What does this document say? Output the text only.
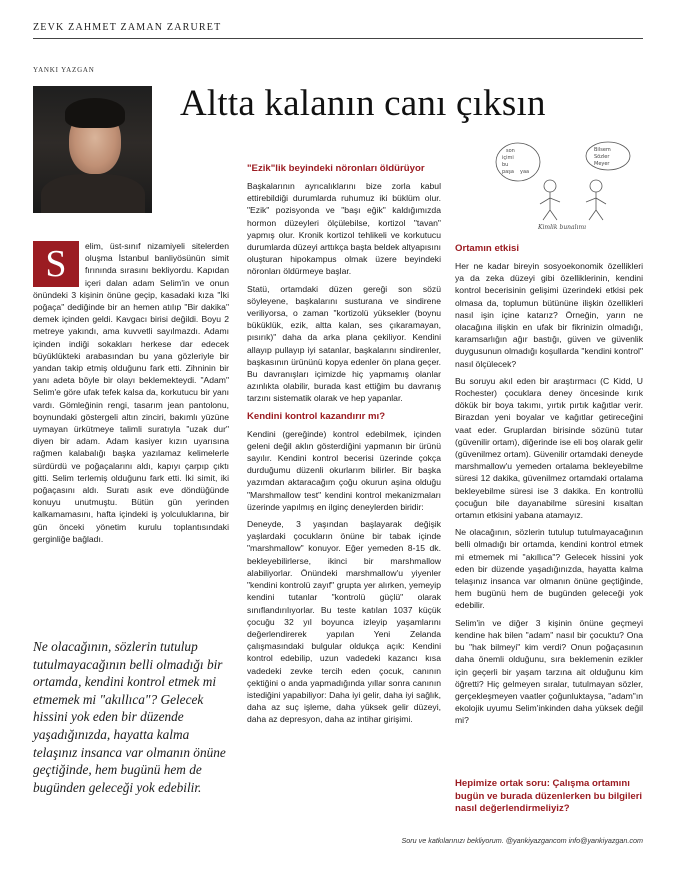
ZEVK ZAHMET ZAMAN ZARURET
YANKI YAZGAN
Altta kalanın canı çıksın
son
içimi
bu
paşa yaa
Bilsem
Sözler
Meyer
Kimlik bunalımı

S	elim, üst-sınıf nizamiyeli sitelerden oluşma İstanbul banliyösünün simit fırınında sırasını bekliyordu. Kapıdan içeri dalan adam Selim'in ve onun önündeki 3 kişinin önüne geçip, kasadaki kıza "İki poğaça" dediğinde bir an hemen atılıp "Bir dakika" demek içinden geldi. Kavgacı birisi değildi. Boyu 2 metreye yakındı, ama kuvvetli sayılmazdı. Adamı içinden indiği sokakları herkese dar edecek büyüklükteki arabasından bu yana gözleriyle bir yandan takip etmiş olduğunu fark etti. Zihninin bir yanı adeta böyle bir olayı beklemekteydi. "Adam" Selim'e göre ufak tefek kalsa da, korkutucu bir yanı vardı. Gömleğinin rengi, tasarım jean pantolonu, boynundaki göstergeli altın zinciri, bakımlı yüzüne uymayan ürkütmeye talimli suratıyla "uzak dur" diyen bir adam. Adam kasiyer kızın uyarısına rağmen kalabalığı başka yazılamaz kelimelerle sürdürdü ve poğaçalarını aldı, kapıyı çarpıp çıktı gitti. Selim terlemiş olduğunu fark etti. İki simit, iki poğaçasını aldı. Suratı asık eve döndüğünde konuyu unutmuştu. Bütün gün yerinden kalkamamasını, hafta içindeki iş yolculuklarına, bir gün önceki yönetim kurulu toplantısındaki gerginliğe bağladı.

Ne olacağının, sözlerin tutulup tutulmayacağının belli olmadığı bir ortamda, kendini kontrol etmek mi etmemek mi "akıllıca"? Gelecek hissini yok eden bir düzende yaşadığınızda, hayatta kalma telaşınız insanca var olmanın önüne geçtiğinde, hem bugünü hem de bugünden geleceği yok edebilir.
"Ezik"lik beyindeki nöronları öldürüyor

Başkalarının ayrıcalıklarını bize zorla kabul ettirebildiği durumlarda ruhumuz iki büklüm olur. "Ezik" pozisyonda ve "başı eğik" kaldığımızda hormon düzeyleri ölçülebilse, kortizol "tavan" yapmış olur. Kronik kortizol tehlikeli ve korkutucu durumlarda düzeyi arttıkça başta beldek altyapısını oluşturan hipokampus olmak üzere beyindeki nöronları öldürmeye başlar.

Statü, ortamdaki düzen gereği son sözü söyleyene, başkalarını susturana ve sindirene veriliyorsa, o zaman "kortizolü yüksekler (boynu büküklük, ezik, altta kalan, ses çıkaramayan, pısırık)" daha da arka plana çekiliyor. Kendini allayıp pullayıp iyi satanlar, başkalarını sindirenler, başkasının ürününü kopya edenler ön plana geçer. Bu davranışları içimizde hiç yapmamış olanlar azınlıkta olabilir, burada kast ettiğim bu davranış tarzını sistematik olarak ve hep yapanlar.

Kendini kontrol kazandırır mı?

Kendini (gereğinde) kontrol edebilmek, içinden geleni değil aklın gösterdiğini yapmanın bir ürünü sayılır. Kendini kontrol becerisi üzerinde çokça durduğumu düzenli okurlarım bilirler. Bir başka yazımdan aktaracağım çoğu okurun aşina olduğu "Marshmallow test" kendini kontrol mekanizmaları üzerinde yapılmış en ilginç deneylerden biridir:

Deneyde, 3 yaşından başlayarak değişik yaşlardaki çocukların önüne bir tabak içinde "marshmallow" konuyor. Eğer yemeden 8-15 dk. bekleyebilirlerse, ikinci bir marshmallow alabiliyorlar. Önündeki marshmallow'u yiyenler "kendini kontrolü zayıf" grupta yer alırken, yemeyip kendini tutanlar "kontrolü güçlü" olarak sınıflandırılıyorlar. Bu teste katılan 1037 küçük çocuğu 32 yıl boyunca izleyip yaşamlarını değerlendirerek yapılan Yeni Zelanda çalışmasındaki bulgular oldukça açık: Kendini kontrol edebilip, uzun vadedeki kazancı kısa vadedeki zevke tercih eden çocuk, canının çektiğini o anda yapmadığında yıllar sonra canının istediğini yapabiliyor: Daha iyi gelir, daha iyi sağlık, daha az suç işleme, daha yüksek gelir düzeyi, daha az depresyon, daha az intihar girişimi.

Ortamın etkisi

Her ne kadar bireyin sosyoekonomik özellikleri ya da zeka düzeyi gibi özelliklerinin, kendini kontrol becerisinin gelişimi üzerindeki etkisi pek olmasa da, toplumun bütününe ilişkin özellikleri nasıl işin içine katarız? Örneğin, yarın ne olacağına ilişkin en ufak bir fikrinizin olmadığı, karamsarlığın ağır bastığı, güven ve güvenlik duygusunun olmadığı koşullarda "kendini kontrol" nasıl ölçülecek?

Bu soruyu akıl eden bir araştırmacı (C Kidd, U Rochester) çocuklara deney öncesinde kırık dökük bir boya takımı, yırtık pırtık kağıtlar verir. Birazdan yeni boyalar ve kağıtlar getireceğini vaat eder. Gruplardan birisinde sözünü tutar (güvenilir ortam), diğerinde ise eli boş olarak gelir (güvenilmez ortam). Güvenilir ortamdaki deneyde marshmallow'u yemeden ortalama bekleyebilme süresi 12 dakika, güvenilmez ortamdaki ortalama bekleyebilme süresi ise 3 dakika. En kontrollü çocuğun bile dayanabilme süresini kısaltan ortamın etkisini yabana atamayız.

Ne olacağının, sözlerin tutulup tutulmayacağının belli olmadığı bir ortamda, kendini kontrol etmek mi etmemek mi "akıllıca"? Gelecek hissini yok eden bir düzende yaşadığınızda, hayatta kalma telaşınız insanca var olmanın önüne geçtiğinde, hem bugünü hem de bugünden geleceği yok edebilir.

Selim'in ve diğer 3 kişinin önüne geçmeyi kendine hak bilen "adam" nasıl bir çocuktu? Ona bu "hak bilmeyi" kim verdi? Onun poğaçasının daha önemli olduğunu, sıra beklemenin ezikler için geçerli bir yaşam tarzına ait olduğunu kim öğretti? Hiç gelmeyen sıralar, tutulmayan sözler, gerçekleşmeyen vaatler çoğunluktaysa, "adam"ın ekolojik uyumu Selim'inkinden daha yüksek değil mi?

Hepimize ortak soru: Çalışma ortamını bugün ve burada düzenlerken bu bilgileri nasıl değerlendirmeliyiz?
Soru ve katkılarınızı bekliyorum. @yankiyazgancom info@yankiyazgan.com
